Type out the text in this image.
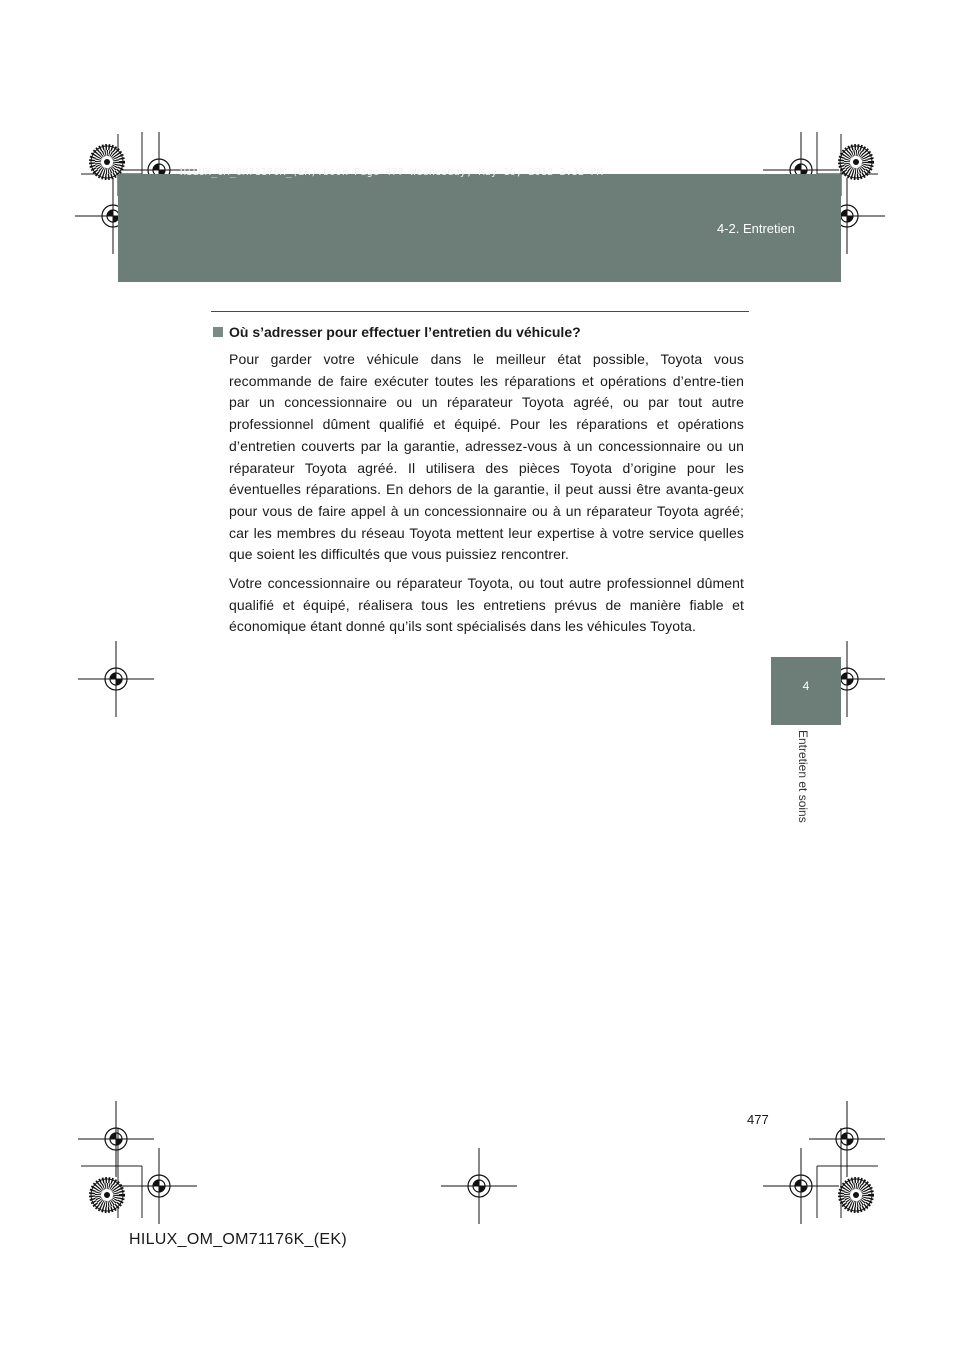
HILUX_OM_OM71176K_(EK).book Page 477 Wednesday, May 16, 2012 2:32 PM
4-2. Entretien
4
Entretien et soins
Où s’adresser pour effectuer l’entretien du véhicule?

Pour garder votre véhicule dans le meilleur état possible, Toyota vous recommande de faire exécuter toutes les réparations et opérations d’entre-tien par un concessionnaire ou un réparateur Toyota agréé, ou par tout autre professionnel dûment qualifié et équipé. Pour les réparations et opérations d’entretien couverts par la garantie, adressez-vous à un concessionnaire ou un réparateur Toyota agréé. Il utilisera des pièces Toyota d’origine pour les éventuelles réparations. En dehors de la garantie, il peut aussi être avanta-geux pour vous de faire appel à un concessionnaire ou à un réparateur Toyota agréé; car les membres du réseau Toyota mettent leur expertise à votre service quelles que soient les difficultés que vous puissiez rencontrer.

Votre concessionnaire ou réparateur Toyota, ou tout autre professionnel dûment qualifié et équipé, réalisera tous les entretiens prévus de manière fiable et économique étant donné qu’ils sont spécialisés dans les véhicules Toyota.

477
HILUX_OM_OM71176K_(EK)
